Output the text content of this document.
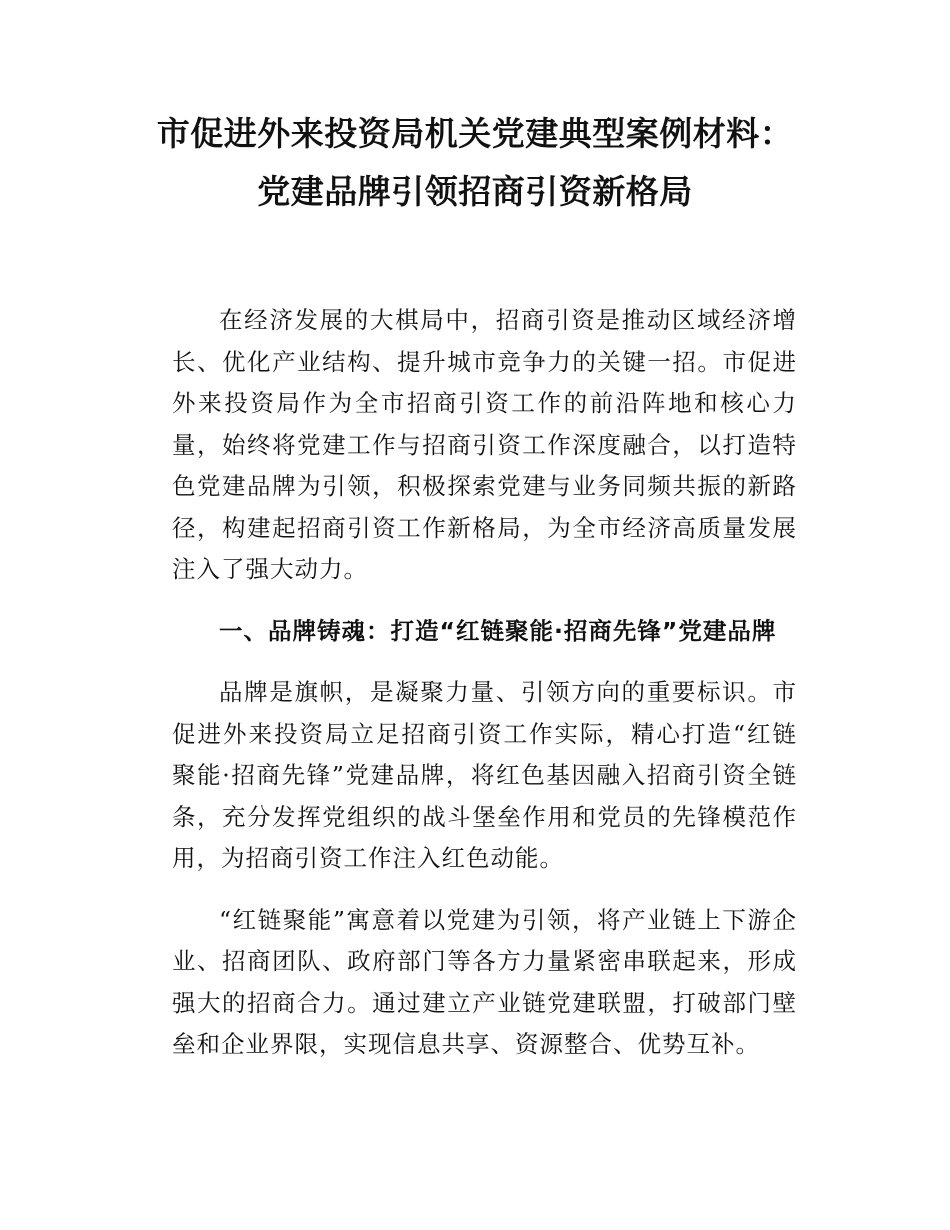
市促进外来投资局机关党建典型案例材料：
党建品牌引领招商引资新格局

在经济发展的大棋局中，招商引资是推动区域经济增长、优化产业结构、提升城市竞争力的关键一招。市促进外来投资局作为全市招商引资工作的前沿阵地和核心力量，始终将党建工作与招商引资工作深度融合，以打造特色党建品牌为引领，积极探索党建与业务同频共振的新路径，构建起招商引资工作新格局，为全市经济高质量发展注入了强大动力。

一、品牌铸魂：打造“红链聚能·招商先锋”党建品牌

品牌是旗帜，是凝聚力量、引领方向的重要标识。市促进外来投资局立足招商引资工作实际，精心打造“红链聚能·招商先锋”党建品牌，将红色基因融入招商引资全链条，充分发挥党组织的战斗堡垒作用和党员的先锋模范作用，为招商引资工作注入红色动能。

“红链聚能”寓意着以党建为引领，将产业链上下游企业、招商团队、政府部门等各方力量紧密串联起来，形成强大的招商合力。通过建立产业链党建联盟，打破部门壁垒和企业界限，实现信息共享、资源整合、优势互补。
